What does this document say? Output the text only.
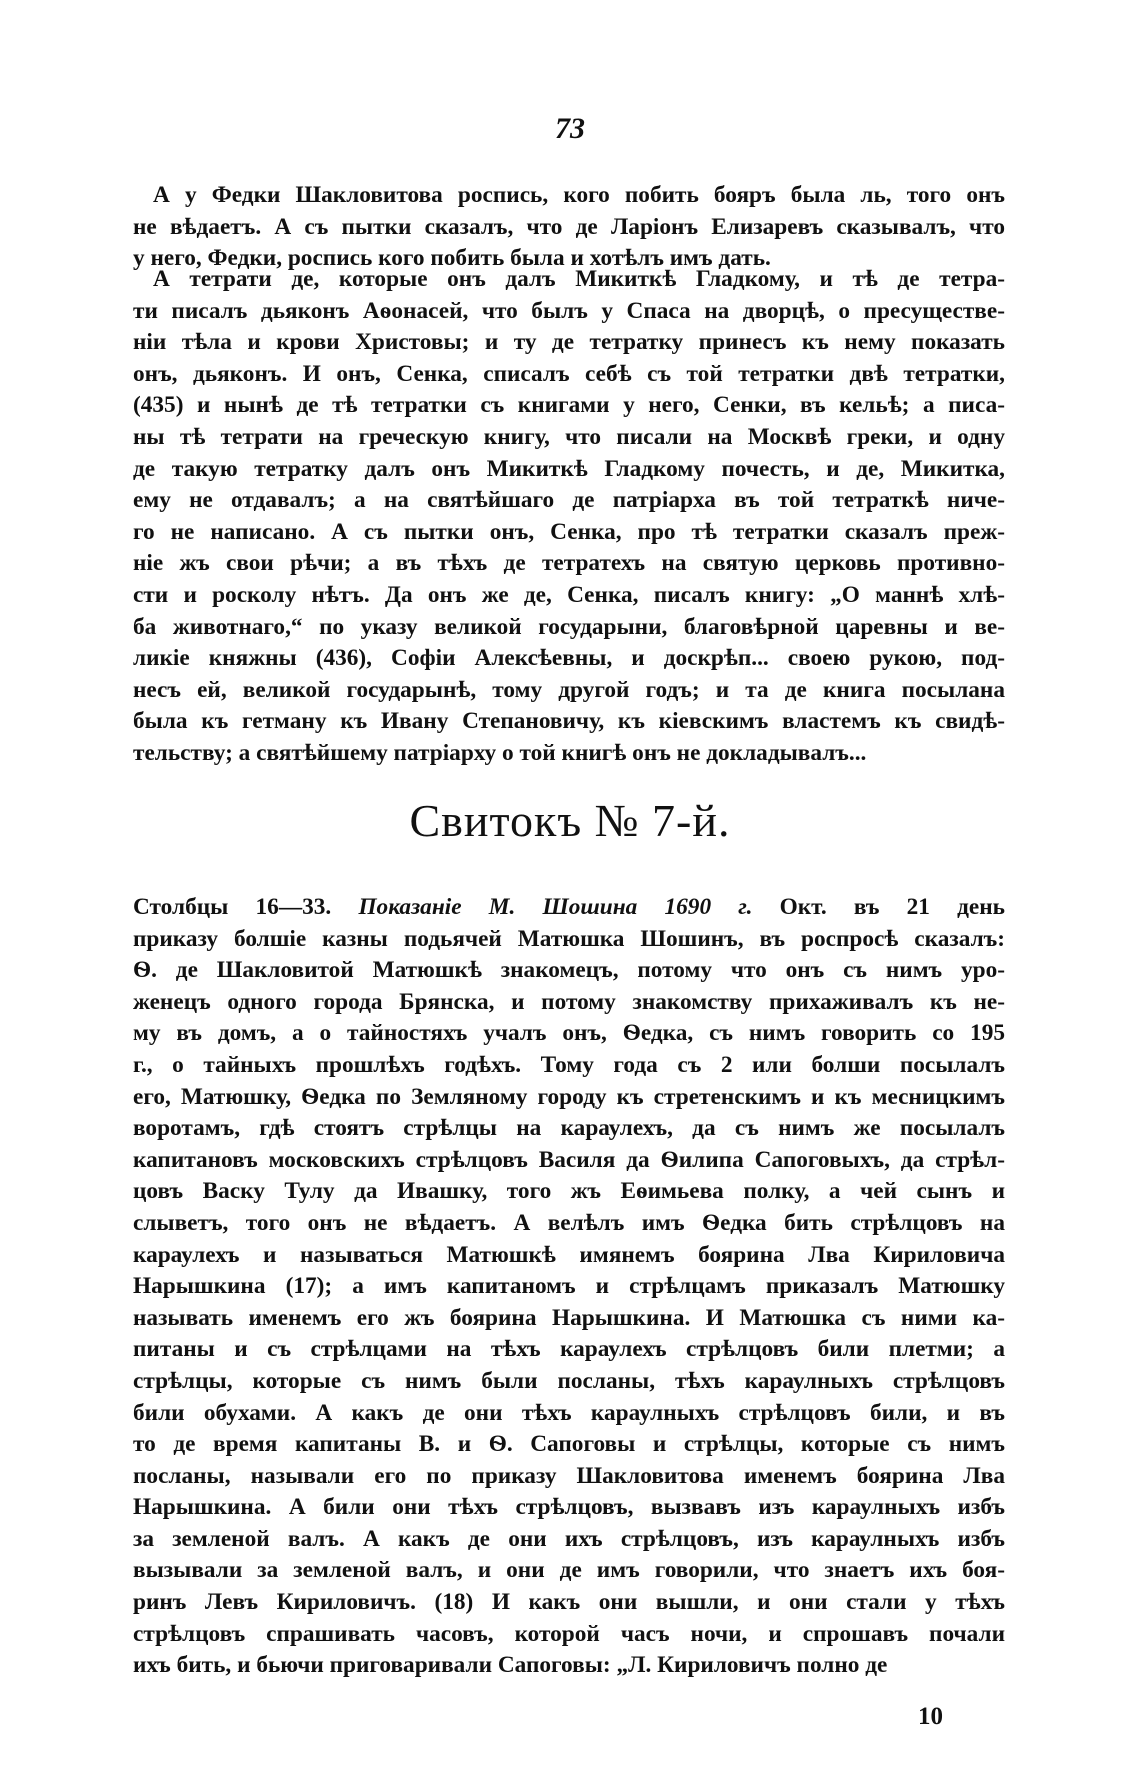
73
А у Федки Шакловитова роспись, кого побить бояръ была ль, того онъ
не вѣдаетъ. А съ пытки сказалъ, что де Ларіонъ Елизаревъ сказывалъ, что
у него, Федки, роспись кого побить была и хотѣлъ имъ дать.
А тетрати де, которые онъ далъ Микиткѣ Гладкому, и тѣ де тетра-
ти писалъ дьяконъ Аѳонасей, что былъ у Спаса на дворцѣ, о пресуществе-
ніи тѣла и крови Христовы; и ту де тетратку принесъ къ нему показать
онъ, дьяконъ. И онъ, Сенка, списалъ себѣ съ той тетратки двѣ тетратки,
(435) и нынѣ де тѣ тетратки съ книгами у него, Сенки, въ кельѣ; а писа-
ны тѣ тетрати на греческую книгу, что писали на Москвѣ греки, и одну
де такую тетратку далъ онъ Микиткѣ Гладкому почесть, и де, Микитка,
ему не отдавалъ; а на святѣйшаго де патріарха въ той тетраткѣ ниче-
го не написано. А съ пытки онъ, Сенка, про тѣ тетратки сказалъ преж-
ніе жъ свои рѣчи; а въ тѣхъ де тетратехъ на святую церковь противно-
сти и росколу нѣтъ. Да онъ же де, Сенка, писалъ книгу: „О маннѣ хлѣ-
ба животнаго,“ по указу великой государыни, благовѣрной царевны и ве-
ликіе княжны (436), Софіи Алексѣевны, и доскрѣп... своею рукою, под-
несъ ей, великой государынѣ, тому другой годъ; и та де книга посылана
была къ гетману къ Ивану Степановичу, къ кіевскимъ властемъ къ свидѣ-
тельству; а святѣйшему патріарху о той книгѣ онъ не докладывалъ...
Свитокъ № 7-й.
Столбцы 16—33. Показаніе М. Шошина 1690 г. Окт. въ 21 день
приказу болшіе казны подьячей Матюшка Шошинъ, въ роспросѣ сказалъ:
Ѳ. де Шакловитой Матюшкѣ знакомецъ, потому что онъ съ нимъ уро-
женецъ одного города Брянска, и потому знакомству прихаживалъ къ не-
му въ домъ, а о тайностяхъ учалъ онъ, Ѳедка, съ нимъ говорить со 195
г., о тайныхъ прошлѣхъ годѣхъ. Тому года съ 2 или болши посылалъ
его, Матюшку, Ѳедка по Земляному городу къ стретенскимъ и къ месницкимъ
воротамъ, гдѣ стоятъ стрѣлцы на караулехъ, да съ нимъ же посылалъ
капитановъ московскихъ стрѣлцовъ Василя да Ѳилипа Сапоговыхъ, да стрѣл-
цовъ Васку Тулу да Ивашку, того жъ Еѳимьева полку, а чей сынъ и
слыветъ, того онъ не вѣдаетъ. А велѣлъ имъ Ѳедка бить стрѣлцовъ на
караулехъ и называться Матюшкѣ имянемъ боярина Лва Кириловича
Нарышкина (17); а имъ капитаномъ и стрѣлцамъ приказалъ Матюшку
называть именемъ его жъ боярина Нарышкина. И Матюшка съ ними ка-
питаны и съ стрѣлцами на тѣхъ караулехъ стрѣлцовъ били плетми; а
стрѣлцы, которые съ нимъ были посланы, тѣхъ караулныхъ стрѣлцовъ
били обухами. А какъ де они тѣхъ караулныхъ стрѣлцовъ били, и въ
то де время капитаны В. и Ѳ. Сапоговы и стрѣлцы, которые съ нимъ
посланы, называли его по приказу Шакловитова именемъ боярина Лва
Нарышкина. А били они тѣхъ стрѣлцовъ, вызвавъ изъ караулныхъ избъ
за земленой валъ. А какъ де они ихъ стрѣлцовъ, изъ караулныхъ избъ
вызывали за земленой валъ, и они де имъ говорили, что знаетъ ихъ боя-
ринъ Левъ Кириловичъ. (18) И какъ они вышли, и они стали у тѣхъ
стрѣлцовъ спрашивать часовъ, которой часъ ночи, и спрошавъ почали
ихъ бить, и бьючи приговаривали Сапоговы: „Л. Кириловичъ полно де
10
